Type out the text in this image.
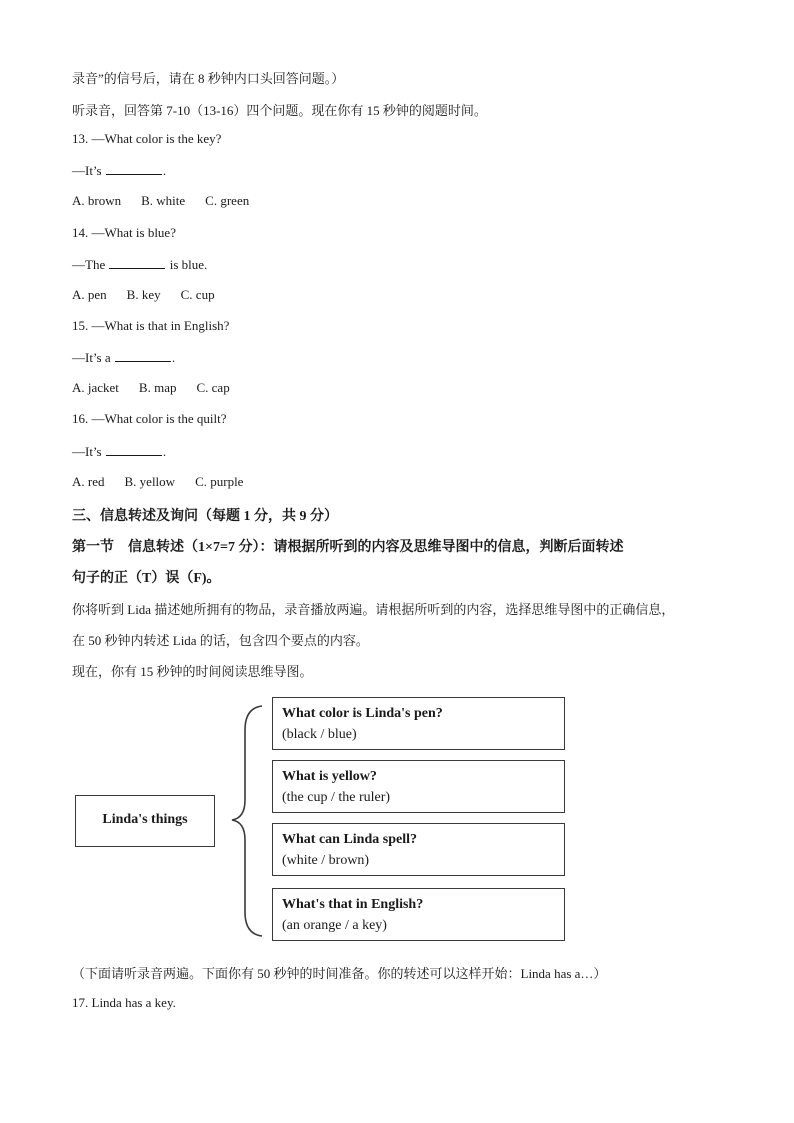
录音”的信号后，请在 8 秒钟内口头回答问题。）
听录音，回答第 7-10（13-16）四个问题。现在你有 15 秒钟的阅题时间。
13. —What color is the key?
—It’s	.
A. brown B. white C. green
14. —What is blue?
—The	is blue.
A. pen B. key C. cup
15. —What is that in English?
—It’s a	.
A. jacket B. map C. cap
16. —What color is the quilt?
—It’s	.
A. red B. yellow C. purple
三、信息转述及询问（每题 1 分，共 9 分）
第一节　信息转述（1×7=7 分）：请根据所听到的内容及思维导图中的信息，判断后面转述
句子的正（T）误（F)。
你将听到 Lida 描述她所拥有的物品，录音播放两遍。请根据所听到的内容，选择思维导图中的正确信息，
在 50 秒钟内转述 Lida 的话，包含四个要点的内容。
现在，你有 15 秒钟的时间阅读思维导图。
Linda's things
What color is Linda's pen?
(black / blue)
What is yellow?
(the cup / the ruler)
What can Linda spell?
(white / brown)
What's that in English?
(an orange / a key)
（下面请听录音两遍。下面你有 50 秒钟的时间准备。你的转述可以这样开始：Linda has a…）
17. Linda has a key.
